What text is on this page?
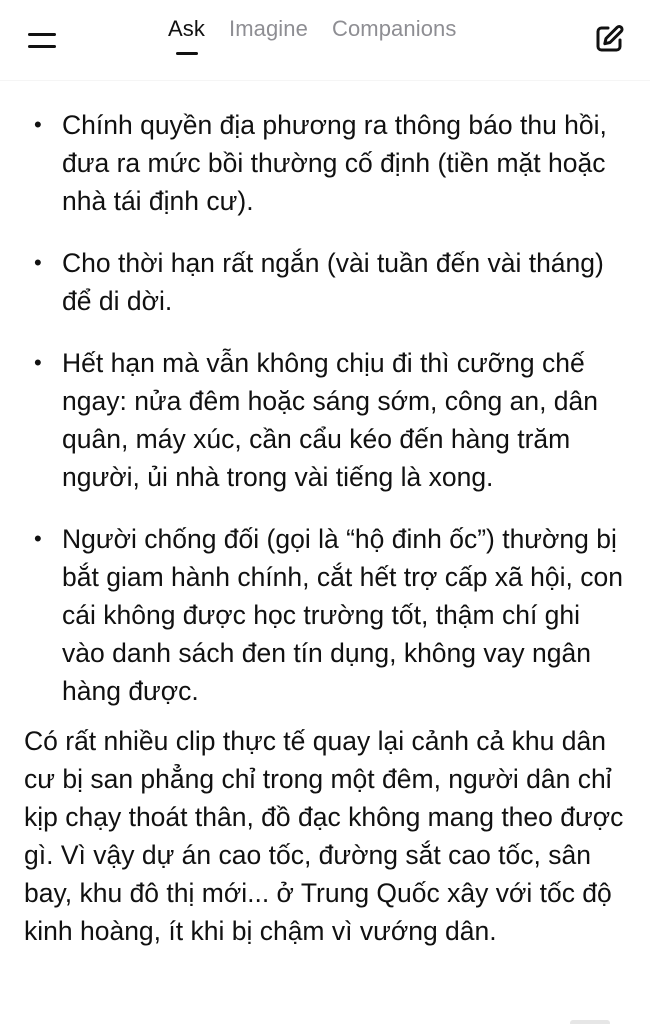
• Chính quyền địa phương ra thông báo thu hồi, đưa ra mức bồi thường cố định (tiền mặt hoặc nhà tái định cư).
• Cho thời hạn rất ngắn (vài tuần đến vài tháng) để di dời.
• Hết hạn mà vẫn không chịu đi thì cưỡng chế ngay: nửa đêm hoặc sáng sớm, công an, dân quân, máy xúc, cần cẩu kéo đến hàng trăm người, ủi nhà trong vài tiếng là xong.
• Người chống đối (gọi là “hộ đinh ốc”) thường bị bắt giam hành chính, cắt hết trợ cấp xã hội, con cái không được học trường tốt, thậm chí ghi vào danh sách đen tín dụng, không vay ngân hàng được.
Có rất nhiều clip thực tế quay lại cảnh cả khu dân cư bị san phẳng chỉ trong một đêm, người dân chỉ kịp chạy thoát thân, đồ đạc không mang theo được gì. Vì vậy dự án cao tốc, đường sắt cao tốc, sân bay, khu đô thị mới... ở Trung Quốc xây với tốc độ kinh hoàng, ít khi bị chậm vì vướng dân.
Ask Imagine Companions
